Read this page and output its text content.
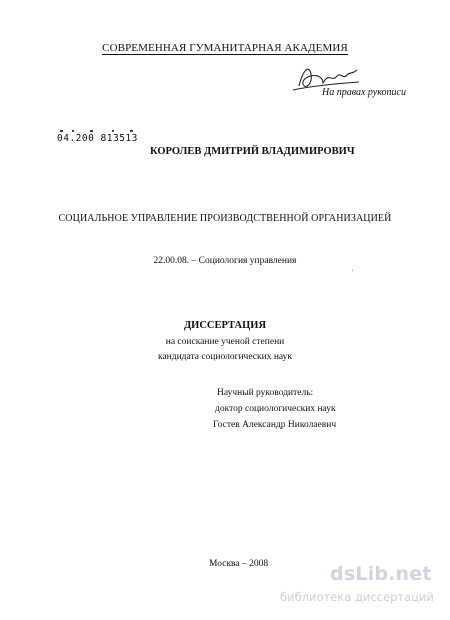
СОВРЕМЕННАЯ ГУМАНИТАРНАЯ АКАДЕМИЯ
На правах рукописи
04.200 813513
КОРОЛЕВ ДМИТРИЙ ВЛАДИМИРОВИЧ
СОЦИАЛЬНОЕ УПРАВЛЕНИЕ ПРОИЗВОДСТВЕННОЙ ОРГАНИЗАЦИЕЙ
22.00.08. – Социология управления
'
ДИССЕРТАЦИЯ
на соискание ученой степени
кандидата социологических наук
Научный руководитель:
доктор социологических наук
Гостев Александр Николаевич
Москва – 2008	dsLib.net
библиотека диссертаций
